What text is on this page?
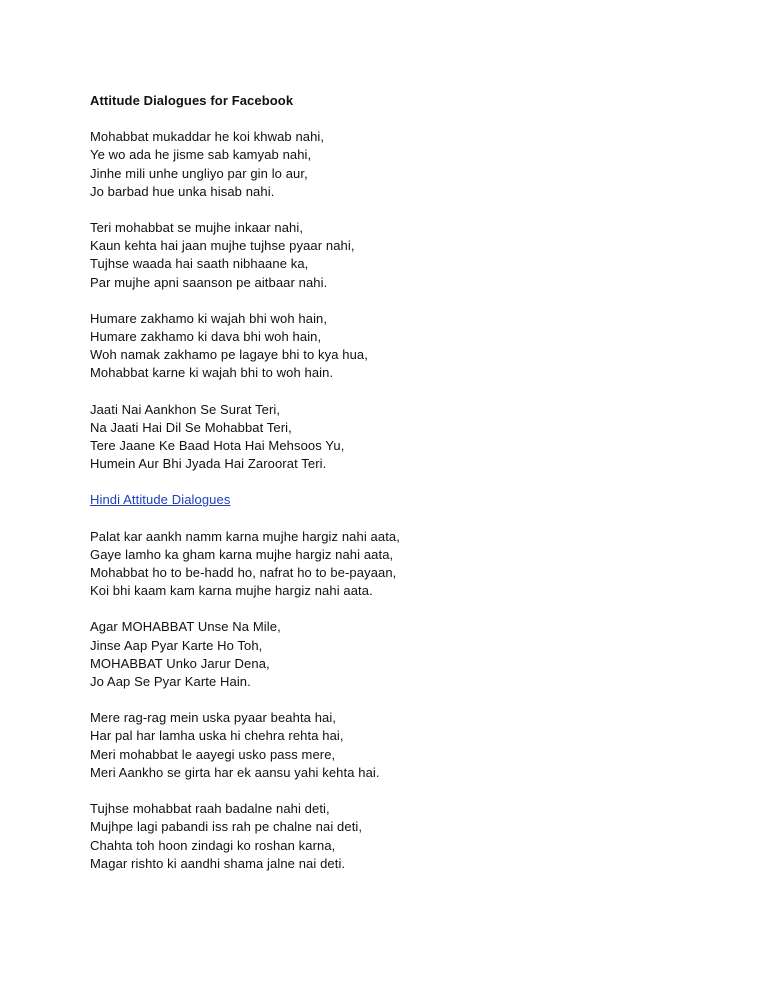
Attitude Dialogues for Facebook
Mohabbat mukaddar he koi khwab nahi,
Ye wo ada he jisme sab kamyab nahi,
Jinhe mili unhe ungliyo par gin lo aur,
Jo barbad hue unka hisab nahi.
Teri mohabbat se mujhe inkaar nahi,
Kaun kehta hai jaan mujhe tujhse pyaar nahi,
Tujhse waada hai saath nibhaane ka,
Par mujhe apni saanson pe aitbaar nahi.
Humare zakhamo ki wajah bhi woh hain,
Humare zakhamo ki dava bhi woh hain,
Woh namak zakhamo pe lagaye bhi to kya hua,
Mohabbat karne ki wajah bhi to woh hain.
Jaati Nai Aankhon Se Surat Teri,
Na Jaati Hai Dil Se Mohabbat Teri,
Tere Jaane Ke Baad Hota Hai Mehsoos Yu,
Humein Aur Bhi Jyada Hai Zaroorat Teri.
Hindi Attitude Dialogues
Palat kar aankh namm karna mujhe hargiz nahi aata,
Gaye lamho ka gham karna mujhe hargiz nahi aata,
Mohabbat ho to be-hadd ho, nafrat ho to be-payaan,
Koi bhi kaam kam karna mujhe hargiz nahi aata.
Agar MOHABBAT Unse Na Mile,
Jinse Aap Pyar Karte Ho Toh,
MOHABBAT Unko Jarur Dena,
Jo Aap Se Pyar Karte Hain.
Mere rag-rag mein uska pyaar beahta hai,
Har pal har lamha uska hi chehra rehta hai,
Meri mohabbat le aayegi usko pass mere,
Meri Aankho se girta har ek aansu yahi kehta hai.
Tujhse mohabbat raah badalne nahi deti,
Mujhpe lagi pabandi iss rah pe chalne nai deti,
Chahta toh hoon zindagi ko roshan karna,
Magar rishto ki aandhi shama jalne nai deti.
